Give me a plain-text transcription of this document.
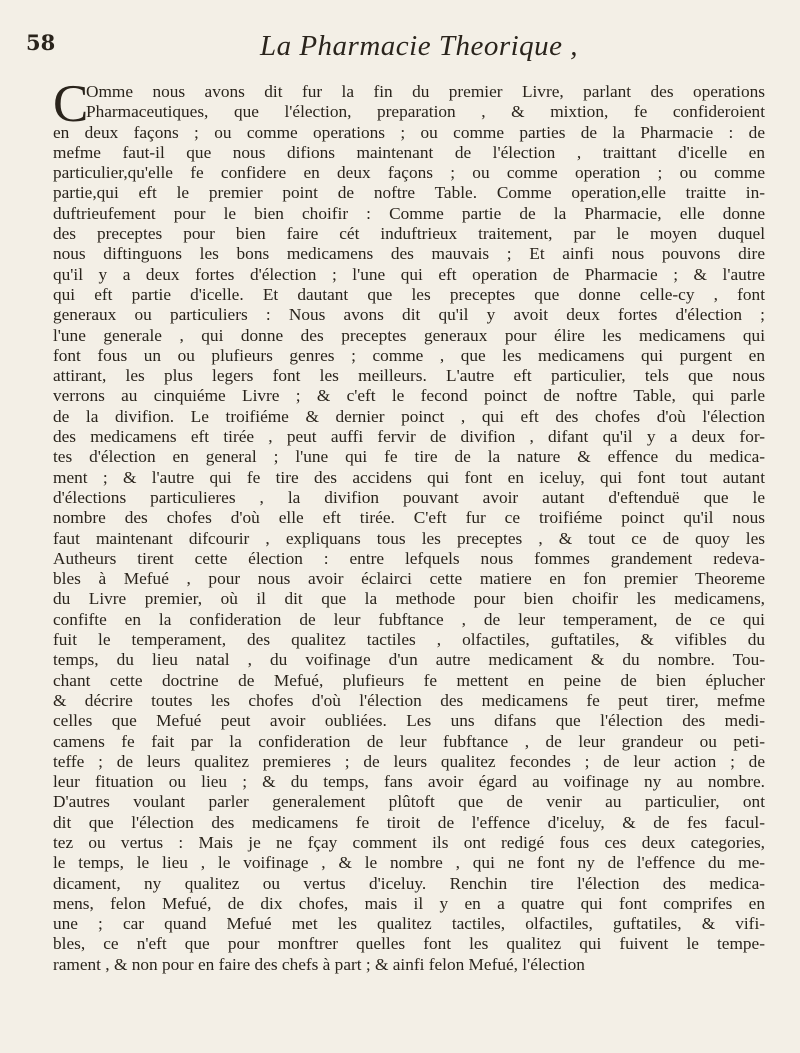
58	La Pharmacie Theorique ,
C
Omme nous avons dit fur la fin du premier Livre, parlant des operations
Pharmaceutiques, que l'élection, preparation , & mixtion, fe confideroient
en deux façons ; ou comme operations ; ou comme parties de la Pharmacie : de
mefme faut-il que nous difions maintenant de l'élection , traittant d'icelle en
particulier,qu'elle fe confidere en deux façons ; ou comme operation ; ou comme
partie,qui eft le premier point de noftre Table. Comme operation,elle traitte in-
duftrieufement pour le bien choifir : Comme partie de la Pharmacie, elle donne
des preceptes pour bien faire cét induftrieux traitement, par le moyen duquel
nous diftinguons les bons medicamens des mauvais ; Et ainfi nous pouvons dire
qu'il y a deux fortes d'élection ; l'une qui eft operation de Pharmacie ; & l'autre
qui eft partie d'icelle. Et dautant que les preceptes que donne celle-cy , font
generaux ou particuliers : Nous avons dit qu'il y avoit deux fortes d'élection ;
l'une generale , qui donne des preceptes generaux pour élire les medicamens qui
font fous un ou plufieurs genres ; comme , que les medicamens qui purgent en
attirant, les plus legers font les meilleurs. L'autre eft particulier, tels que nous
verrons au cinquiéme Livre ; & c'eft le fecond poinct de noftre Table, qui parle
de la divifion. Le troifiéme & dernier poinct , qui eft des chofes d'où l'élection
des medicamens eft tirée , peut auffi fervir de divifion , difant qu'il y a deux for-
tes d'élection en general ; l'une qui fe tire de la nature & effence du medica-
ment ; & l'autre qui fe tire des accidens qui font en iceluy, qui font tout autant
d'élections particulieres , la divifion pouvant avoir autant d'eftenduë que le
nombre des chofes d'où elle eft tirée. C'eft fur ce troifiéme poinct qu'il nous
faut maintenant difcourir , expliquans tous les preceptes , & tout ce de quoy les
Autheurs tirent cette élection : entre lefquels nous fommes grandement redeva-
bles à Mefué , pour nous avoir éclairci cette matiere en fon premier Theoreme
du Livre premier, où il dit que la methode pour bien choifir les medicamens,
confifte en la confideration de leur fubftance , de leur temperament, de ce qui
fuit le temperament, des qualitez tactiles , olfactiles, guftatiles, & vifibles du
temps, du lieu natal , du voifinage d'un autre medicament & du nombre. Tou-
chant cette doctrine de Mefué, plufieurs fe mettent en peine de bien éplucher
& décrire toutes les chofes d'où l'élection des medicamens fe peut tirer, mefme
celles que Mefué peut avoir oubliées. Les uns difans que l'élection des medi-
camens fe fait par la confideration de leur fubftance , de leur grandeur ou peti-
teffe ; de leurs qualitez premieres ; de leurs qualitez fecondes ; de leur action ; de
leur fituation ou lieu ; & du temps, fans avoir égard au voifinage ny au nombre.
D'autres voulant parler generalement plûtoft que de venir au particulier, ont
dit que l'élection des medicamens fe tiroit de l'effence d'iceluy, & de fes facul-
tez ou vertus : Mais je ne fçay comment ils ont redigé fous ces deux categories,
le temps, le lieu , le voifinage , & le nombre , qui ne font ny de l'effence du me-
dicament, ny qualitez ou vertus d'iceluy. Renchin tire l'élection des medica-
mens, felon Mefué, de dix chofes, mais il y en a quatre qui font comprifes en
une ; car quand Mefué met les qualitez tactiles, olfactiles, guftatiles, & vifi-
bles, ce n'eft que pour monftrer quelles font les qualitez qui fuivent le tempe-
rament , & non pour en faire des chefs à part ; & ainfi felon Mefué, l'élection
